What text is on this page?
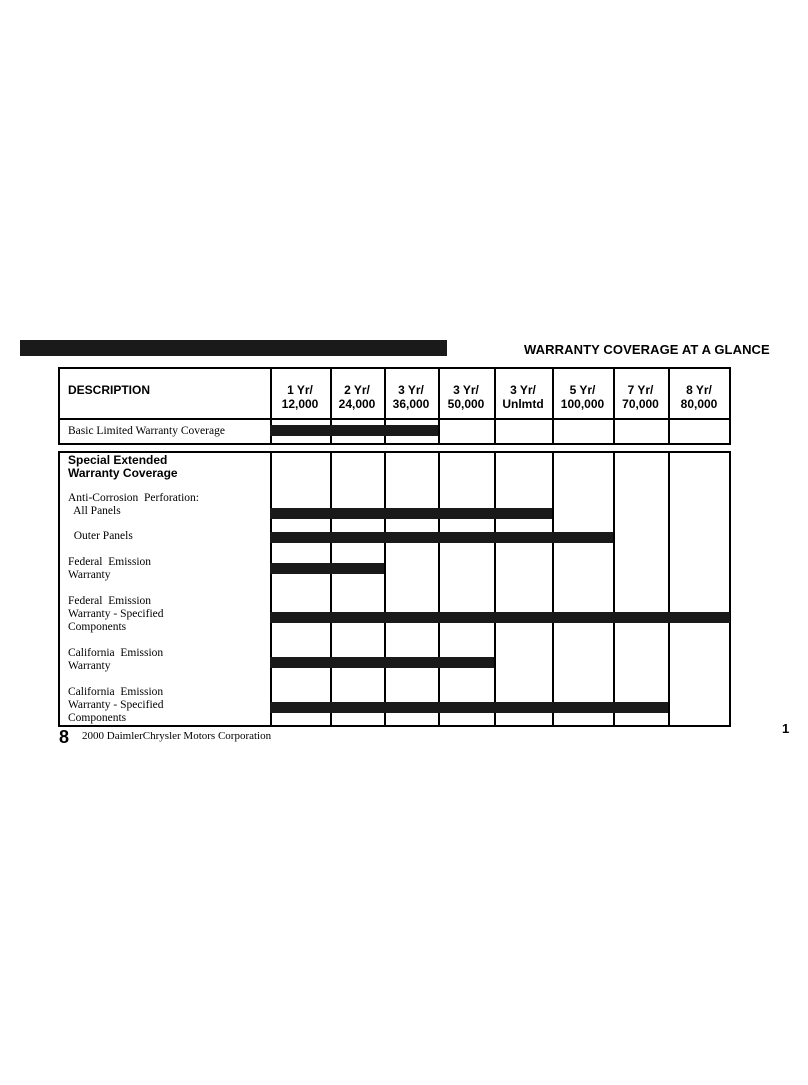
WARRANTY COVERAGE AT A GLANCE
DESCRIPTION	1 Yr/
12,000
2 Yr/
24,000
3 Yr/
36,000
3 Yr/
50,000
3 Yr/
Unlmtd
5 Yr/
100,000
7 Yr/
70,000
8 Yr/
80,000
Basic Limited Warranty Coverage
Special Extended
Warranty Coverage
Anti-Corrosion  Perforation:
All Panels
Outer Panels
Federal  Emission
Warranty
Federal  Emission
Warranty - Specified
Components
California  Emission
Warranty
California  Emission
Warranty - Specified
Components
8 2000 DaimlerChrysler Motors Corporation	1
